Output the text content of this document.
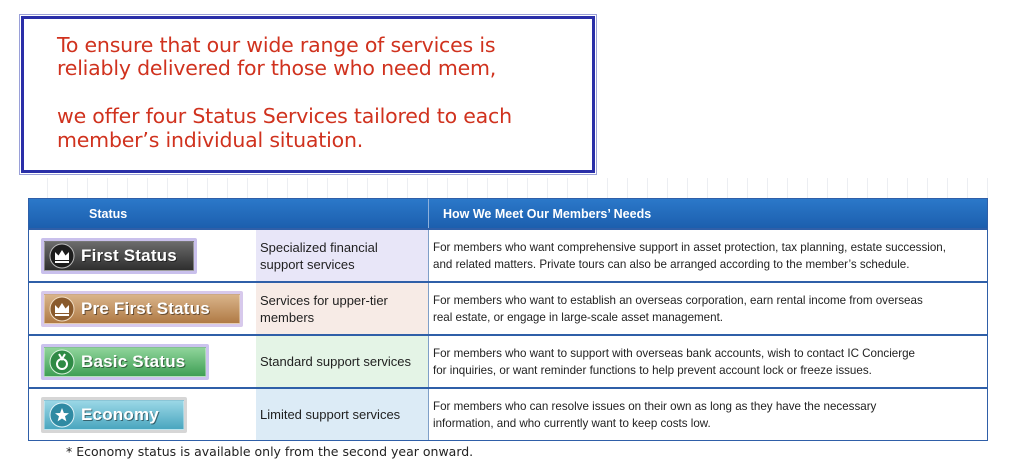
To ensure that our wide range of services is
reliably delivered for those who need mem,
we offer four Status Services tailored to each
member’s individual situation.
Status	How We Meet Our Members’ Needs
First Status	Specialized financial support services
For members who want comprehensive support in asset protection, tax planning, estate succession,
and related matters. Private tours can also be arranged according to the member’s schedule.
Pre First Status	Services for upper-tier members
For members who want to establish an overseas corporation, earn rental income from overseas
real estate, or engage in large-scale asset management.
Basic Status	Standard support services
For members who want to support with overseas bank accounts, wish to contact IC Concierge
for inquiries, or want reminder functions to help prevent account lock or freeze issues.
Economy	Limited support services
For members who can resolve issues on their own as long as they have the necessary
information, and who currently want to keep costs low.
* Economy status is available only from the second year onward.
